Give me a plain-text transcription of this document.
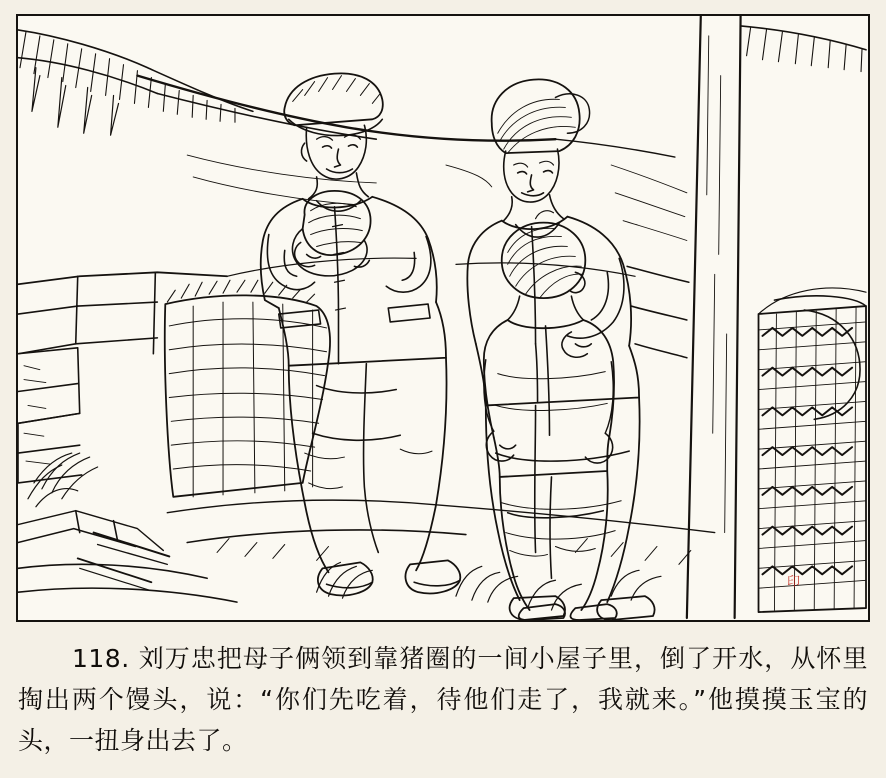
印
118. 刘万忠把母子俩领到靠猪圈的一间小屋子里，倒了开水，从怀里掏出两个馒头，说：“你们先吃着，待他们走了，我就来。”他摸摸玉宝的头，一扭身出去了。
